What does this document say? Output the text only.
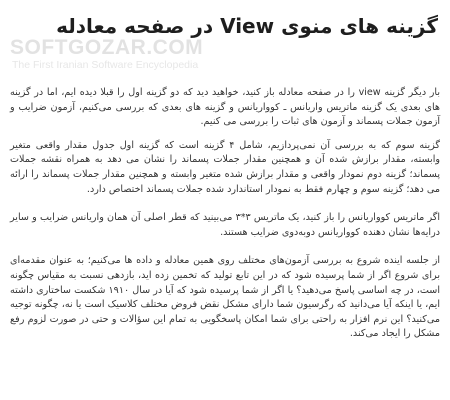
گزینه های منوی View در صفحه معادله
SOFTGOZAR.COM
The First Iranian Software Encyclopedia

بار دیگر گزینه view را در صفحه معادله باز کنید، خواهید دید که دو گزینه اول را قبلا دیده ایم، اما در گزینه های بعدی یک گزینه ماتریس واریانس ـ کوواریانس و گزینه های بعدی که بررسی می‌کنیم، آزمون ضرایب و آزمون جملات پسماند و آزمون های ثبات را بررسی می کنیم.

گزینه سوم که به بررسی آن نمی‌پردازیم، شامل ۴ گزینه است که گزینه اول جدول مقدار واقعی متغیر وابسته، مقدار برازش شده آن و همچنین مقدار جملات پسماند را نشان می دهد به همراه نقشه جملات پسماند؛ گزینه دوم نمودار واقعی و مقدار برازش شده متغیر وابسته و همچنین مقدار جملات پسماند را ارائه می دهد؛ گزینه سوم و چهارم فقط به نمودار استاندارد شده جملات پسماند اختصاص دارد.

اگر ماتریس کوواریانس را باز کنید، یک ماتریس ۳*۳ می‌بینید که قطر اصلی آن همان واریانس ضرایب و سایر درایه‌ها نشان دهنده کوواریانس دوبه‌دوی ضرایب هستند.

از جلسه اینده شروع به بررسی آزمون‌های مختلف روی همین معادله و داده ها می‌کنیم؛ به عنوان مقدمه‌ای برای شروع اگر از شما پرسیده شود که در این تابع تولید که تخمین زده اید، بازدهی نسبت به مقیاس چگونه است، در چه اساسی پاسخ می‌دهید؟ یا اگر از شما پرسیده شود که آیا در سال ۱۹۱۰ شکست ساختاری داشته ایم، یا اینکه آیا می‌دانید که رگرسیون شما دارای مشکل نقض فروض مختلف کلاسیک است یا نه، چگونه توجیه می‌کنید؟ این نرم افزار به راحتی برای شما امکان پاسخگویی به تمام این سؤالات و حتی در صورت لزوم رفع مشکل را ایجاد می‌کند.
